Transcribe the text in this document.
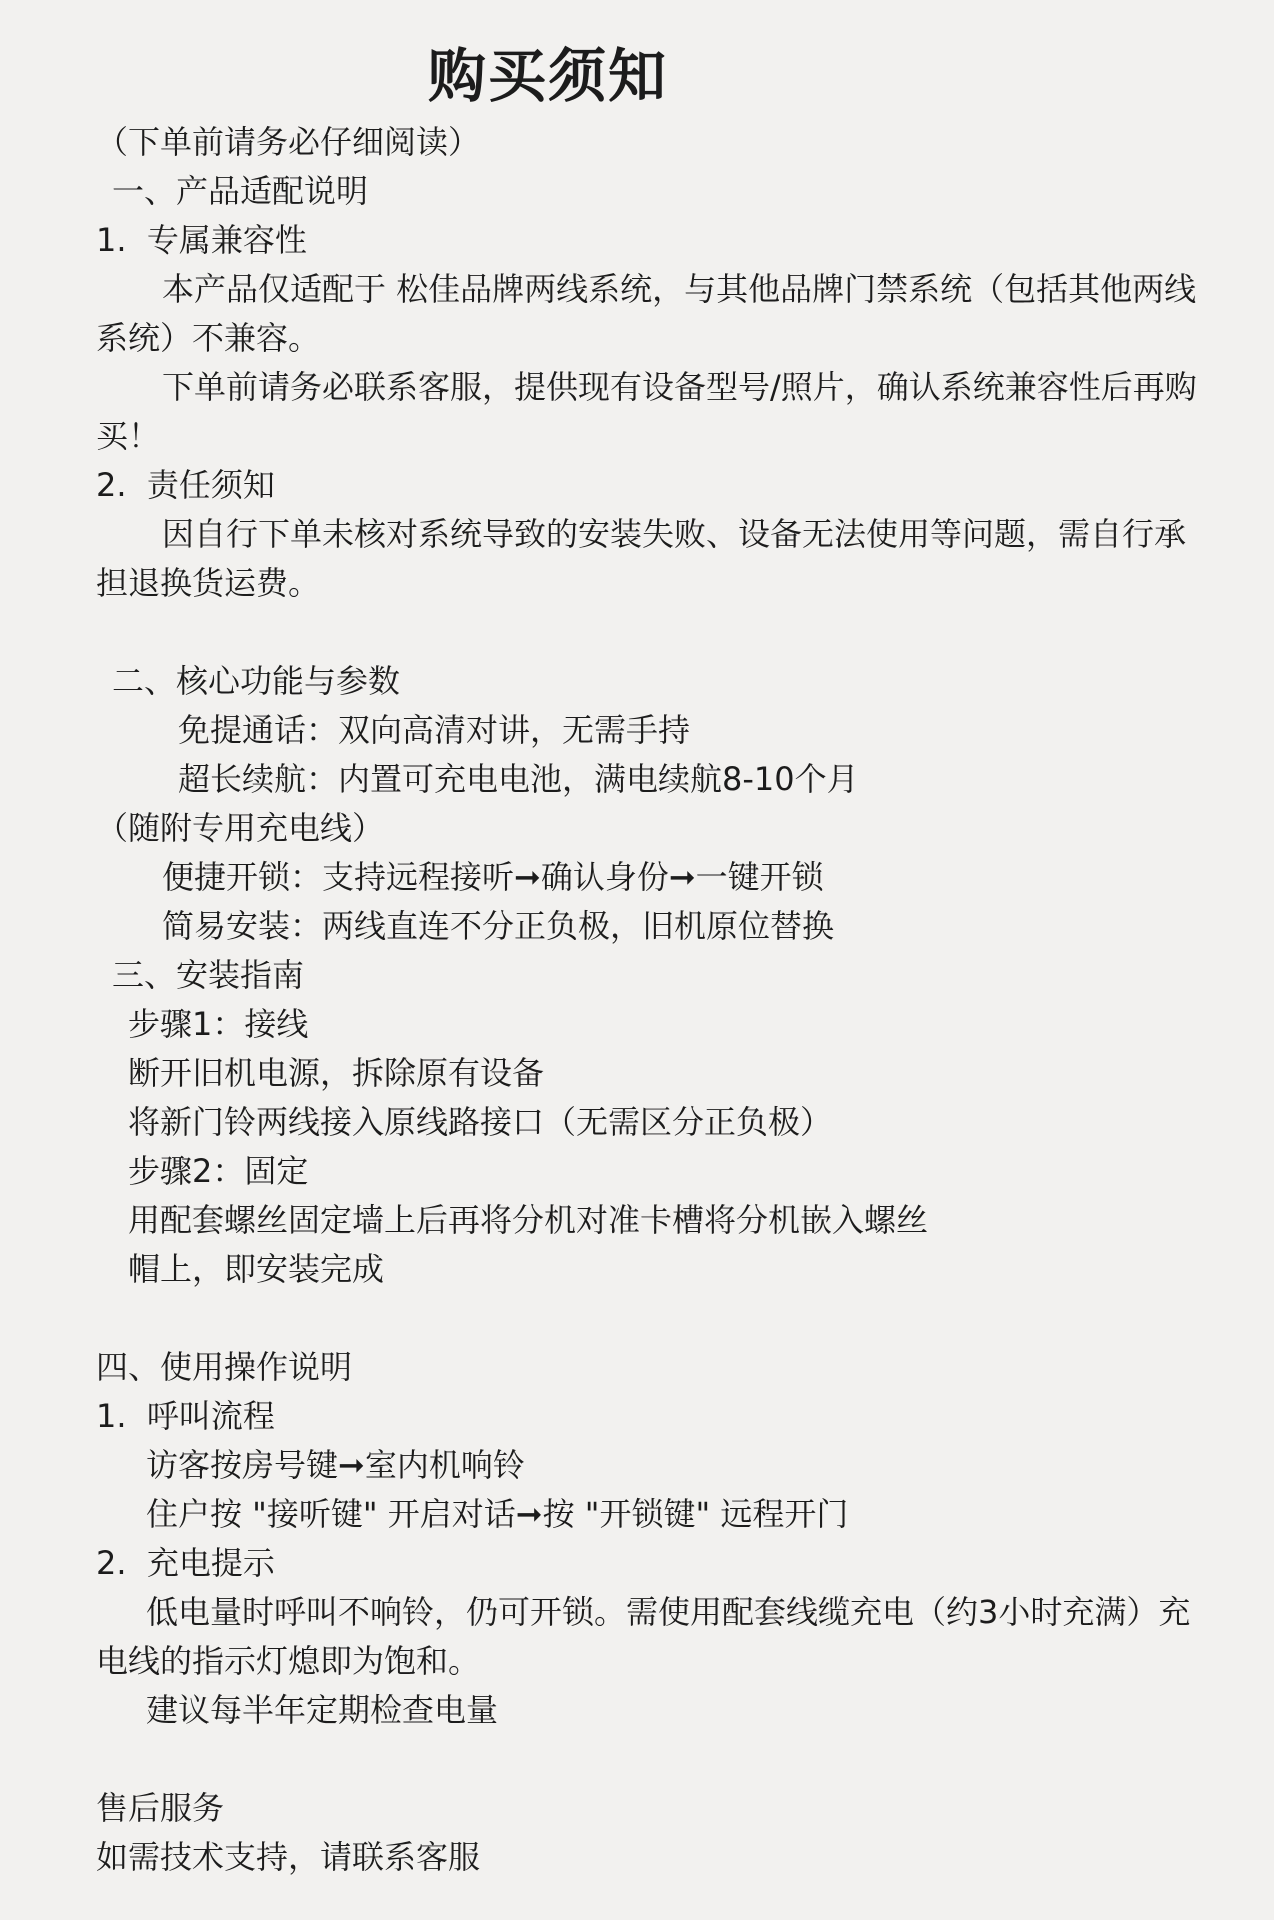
购买须知
（下单前请务必仔细阅读）
一、产品适配说明
1.  专属兼容性
本产品仅适配于 松佳品牌两线系统，与其他品牌门禁系统（包括其他两线
系统）不兼容。
下单前请务必联系客服，提供现有设备型号/照片，确认系统兼容性后再购
买！
2.  责任须知
因自行下单未核对系统导致的安装失败、设备无法使用等问题，需自行承
担退换货运费。
二、核心功能与参数
免提通话：双向高清对讲，无需手持
超长续航：内置可充电电池，满电续航8-10个月
（随附专用充电线）
便捷开锁：支持远程接听➞确认身份➞一键开锁
简易安装：两线直连不分正负极，旧机原位替换
三、安装指南
步骤1：接线
断开旧机电源，拆除原有设备
将新门铃两线接入原线路接口（无需区分正负极）
步骤2：固定
用配套螺丝固定墙上后再将分机对准卡槽将分机嵌入螺丝
帽上，即安装完成
四、使用操作说明
1.  呼叫流程
访客按房号键➞室内机响铃
住户按 "接听键" 开启对话➞按 "开锁键" 远程开门
2.  充电提示
低电量时呼叫不响铃，仍可开锁。需使用配套线缆充电（约3小时充满）充
电线的指示灯熄即为饱和。
建议每半年定期检查电量
售后服务
如需技术支持，请联系客服
